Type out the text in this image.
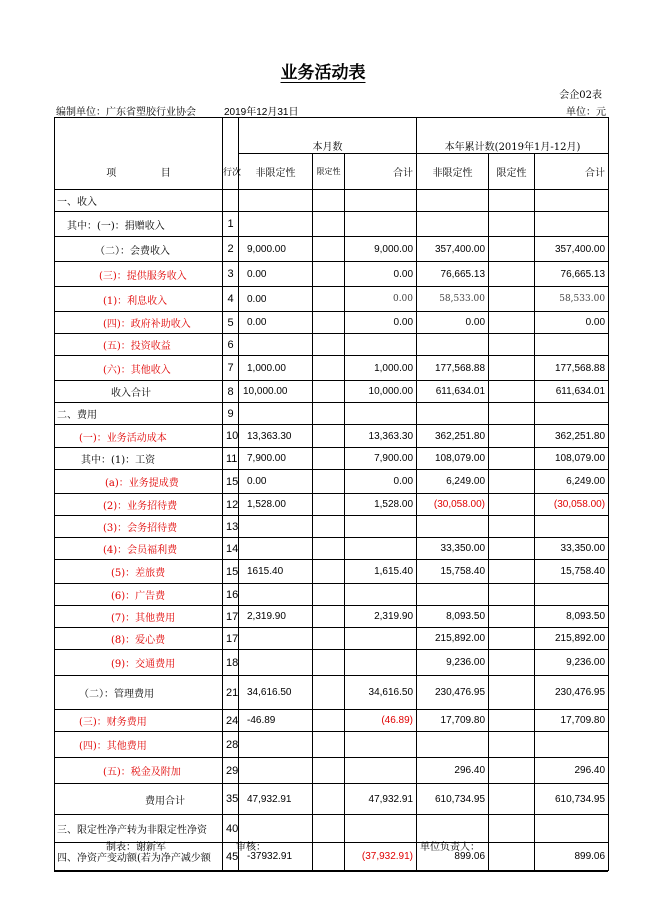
业务活动表
会企02表
编制单位：广东省塑胶行业协会	2019年12月31日	单位：元
		本月数			本年累计数(2019年1月-12月)		
项              目	行次	非限定性	限定性	合计	非限定性	限定性	合计
一、收入							
其中：(一)：捐赠收入	1						
（二）：会费收入	2	9,000.00		9,000.00	357,400.00		357,400.00
(三)：提供服务收入	3	0.00		0.00	76,665.13		76,665.13
(1)：利息收入	4	0.00		0.00	58,533.00		58,533.00
(四)：政府补助收入	5	0.00		0.00	0.00		0.00
(五)：投资收益	6						
(六)：其他收入	7	1,000.00		1,000.00	177,568.88		177,568.88
收入合计	8	10,000.00		10,000.00	611,634.01		611,634.01
二、费用	9						
(一)：业务活动成本	10	13,363.30		13,363.30	362,251.80		362,251.80
其中：(1)：工资	11	7,900.00		7,900.00	108,079.00		108,079.00
(a)：业务提成费	15	0.00		0.00	6,249.00		6,249.00
(2)：业务招待费	12	1,528.00		1,528.00	(30,058.00)		(30,058.00)
(3)：会务招待费	13						
(4)：会员福利费	14				33,350.00		33,350.00
(5)：差旅费	15	1615.40		1,615.40	15,758.40		15,758.40
(6)：广告费	16						
(7)：其他费用	17	2,319.90		2,319.90	8,093.50		8,093.50
(8)：爱心费	17				215,892.00		215,892.00
(9)：交通费用	18				9,236.00		9,236.00
（二）：管理费用	21	34,616.50		34,616.50	230,476.95		230,476.95
(三)：财务费用	24	-46.89		(46.89)	17,709.80		17,709.80
(四)：其他费用	28						
(五)：税金及附加	29				296.40		296.40
费用合计	35	47,932.91		47,932.91	610,734.95		610,734.95
三、限定性净产转为非限定性净资	40						
四、净资产变动额(若为净产减少额	45	-37932.91		(37,932.91)	899.06		899.06
制表：谢新军	审核：	单位负责人：
